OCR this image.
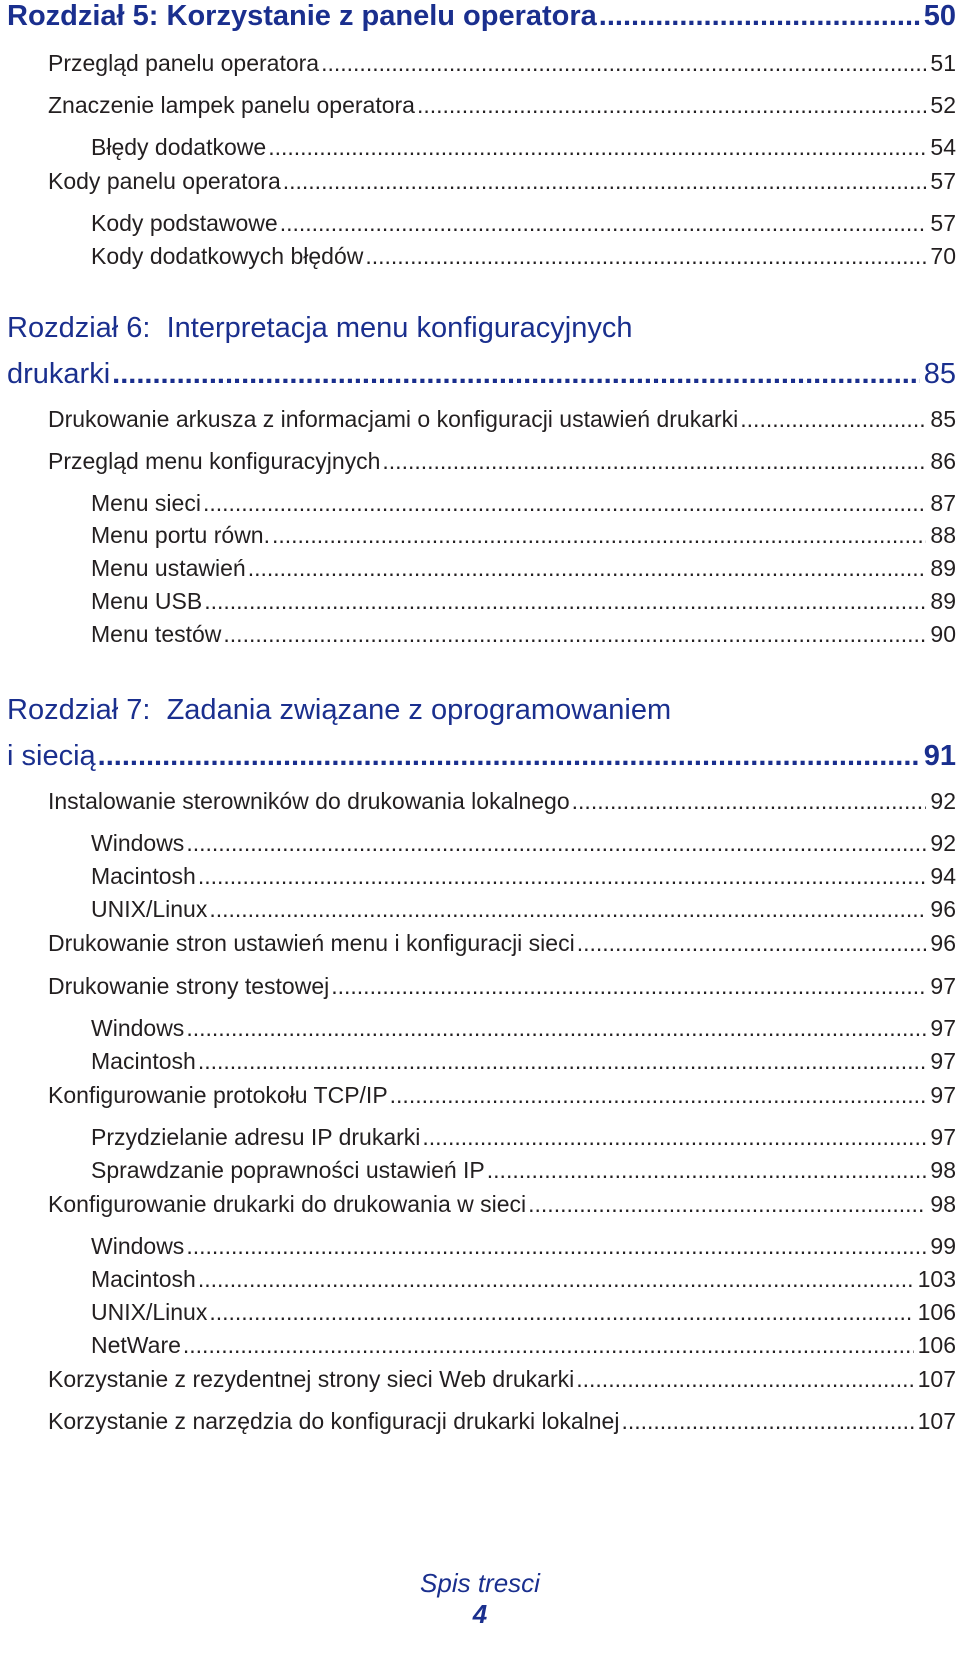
Rozdział 5: Korzystanie z panelu operatora .....	50
Przegląd panelu operatora .....	51
Znaczenie lampek panelu operatora .....	52
Błędy dodatkowe .....	54
Kody panelu operatora .....	57
Kody podstawowe .....	57
Kody dodatkowych błędów .....	70
Rozdział 6: Interpretacja menu konfiguracyjnych
drukarki .....	85
Drukowanie arkusza z informacjami o konfiguracji ustawień drukarki .....	85
Przegląd menu konfiguracyjnych .....	86
Menu sieci .....	87
Menu portu równ. .....	88
Menu ustawień .....	89
Menu USB .....	89
Menu testów .....	90
Rozdział 7: Zadania związane z oprogramowaniem
i siecią .....	91
Instalowanie sterowników do drukowania lokalnego .....	92
Windows .....	92
Macintosh .....	94
UNIX/Linux .....	96
Drukowanie stron ustawień menu i konfiguracji sieci .....	96
Drukowanie strony testowej .....	97
Windows .....	97
Macintosh .....	97
Konfigurowanie protokołu TCP/IP .....	97
Przydzielanie adresu IP drukarki .....	97
Sprawdzanie poprawności ustawień IP .....	98
Konfigurowanie drukarki do drukowania w sieci .....	98
Windows .....	99
Macintosh .....	103
UNIX/Linux .....	106
NetWare .....	106
Korzystanie z rezydentnej strony sieci Web drukarki .....	107
Korzystanie z narzędzia do konfiguracji drukarki lokalnej .....	107
Spis tresci
4
